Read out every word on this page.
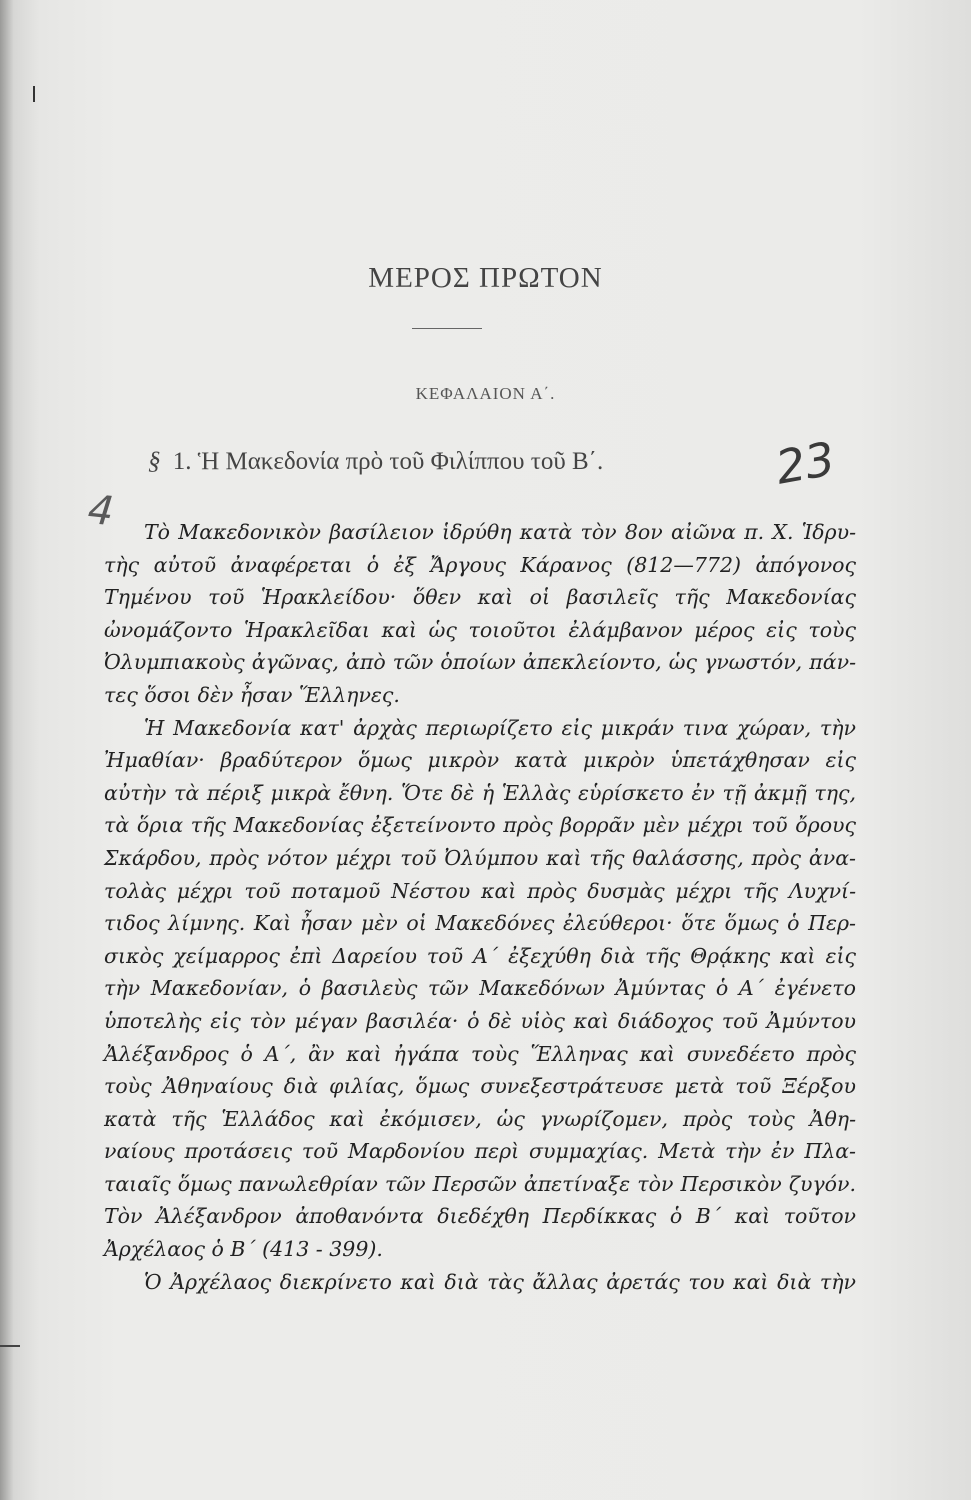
ΜΕΡΟΣ ΠΡΩΤΟΝ
ΚΕΦΑΛΑΙΟΝ Α΄.
§ 1. Ἡ Μακεδονία πρὸ τοῦ Φιλίππου τοῦ Β΄.	23
4	Τὸ Μακεδονικὸν βασίλειον ἱδρύθη κατὰ τὸν 8ον αἰῶνα π. Χ. Ἱδρυ-
τὴς αὐτοῦ ἀναφέρεται ὁ ἐξ Ἄργους Κάρανος (812—772) ἀπόγονος
Τημένου τοῦ Ἡρακλείδου· ὅθεν καὶ οἱ βασιλεῖς τῆς Μακεδονίας
ὠνομάζοντο Ἡρακλεῖδαι καὶ ὡς τοιοῦτοι ἐλάμβανον μέρος εἰς τοὺς
Ὀλυμπιακοὺς ἀγῶνας, ἀπὸ τῶν ὁποίων ἀπεκλείοντο, ὡς γνωστόν, πάν-
τες ὅσοι δὲν ἦσαν Ἕλληνες.
Ἡ Μακεδονία κατ' ἀρχὰς περιωρίζετο εἰς μικράν τινα χώραν, τὴν
Ἠμαθίαν· βραδύτερον ὅμως μικρὸν κατὰ μικρὸν ὑπετάχθησαν εἰς
αὐτὴν τὰ πέριξ μικρὰ ἔθνη. Ὅτε δὲ ἡ Ἑλλὰς εὑρίσκετο ἐν τῇ ἀκμῇ της,
τὰ ὅρια τῆς Μακεδονίας ἐξετείνοντο πρὸς βορρᾶν μὲν μέχρι τοῦ ὄρους
Σκάρδου, πρὸς νότον μέχρι τοῦ Ὀλύμπου καὶ τῆς θαλάσσης, πρὸς ἀνα-
τολὰς μέχρι τοῦ ποταμοῦ Νέστου καὶ πρὸς δυσμὰς μέχρι τῆς Λυχνί-
τιδος λίμνης. Καὶ ἦσαν μὲν οἱ Μακεδόνες ἐλεύθεροι· ὅτε ὅμως ὁ Περ-
σικὸς χείμαρρος ἐπὶ Δαρείου τοῦ Α΄ ἐξεχύθη διὰ τῆς Θρᾴκης καὶ εἰς
τὴν Μακεδονίαν, ὁ βασιλεὺς τῶν Μακεδόνων Ἀμύντας ὁ Α΄ ἐγένετο
ὑποτελὴς εἰς τὸν μέγαν βασιλέα· ὁ δὲ υἱὸς καὶ διάδοχος τοῦ Ἀμύντου
Ἀλέξανδρος ὁ Α΄, ἂν καὶ ἠγάπα τοὺς Ἕλληνας καὶ συνεδέετο πρὸς
τοὺς Ἀθηναίους διὰ φιλίας, ὅμως συνεξεστράτευσε μετὰ τοῦ Ξέρξου
κατὰ τῆς Ἑλλάδος καὶ ἐκόμισεν, ὡς γνωρίζομεν, πρὸς τοὺς Ἀθη-
ναίους προτάσεις τοῦ Μαρδονίου περὶ συμμαχίας. Μετὰ τὴν ἐν Πλα-
ταιαῖς ὅμως πανωλεθρίαν τῶν Περσῶν ἀπετίναξε τὸν Περσικὸν ζυγόν.
Τὸν Ἀλέξανδρον ἀποθανόντα διεδέχθη Περδίκκας ὁ Β΄ καὶ τοῦτον
Ἀρχέλαος ὁ Β΄ (413 - 399).
Ὁ Ἀρχέλαος διεκρίνετο καὶ διὰ τὰς ἄλλας ἀρετάς του καὶ διὰ τὴν
